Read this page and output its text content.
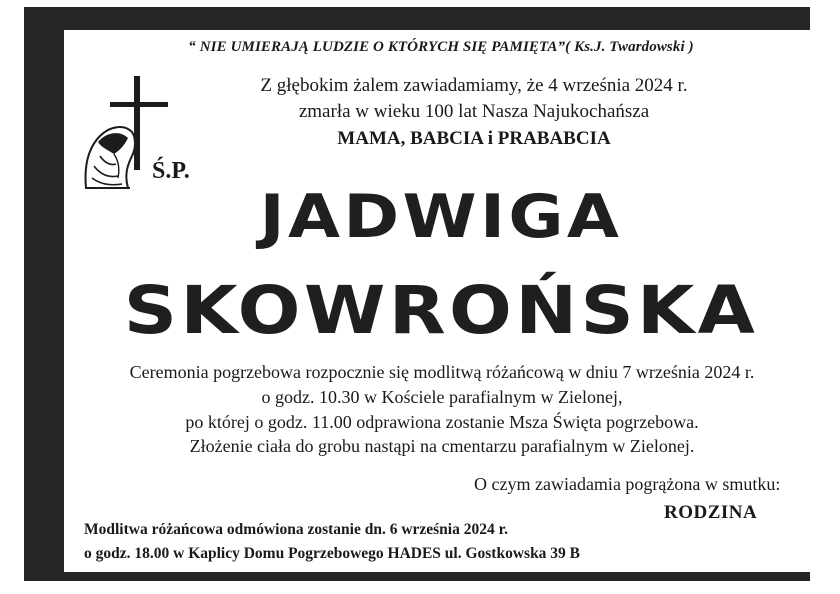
“ NIE UMIERAJĄ LUDZIE O KTÓRYCH SIĘ PAMIĘTA”( Ks.J. Twardowski )
Ś.P.
Z głębokim żalem zawiadamiamy, że 4 września 2024 r.
zmarła w wieku 100 lat Nasza Najukochańsza
MAMA, BABCIA i PRABABCIA
JADWIGA
SKOWROŃSKA
Ceremonia pogrzebowa rozpocznie się modlitwą różańcową w dniu 7 września 2024 r.
o godz. 10.30 w Kościele parafialnym w Zielonej,
po której o godz. 11.00 odprawiona zostanie Msza Święta pogrzebowa.
Złożenie ciała do grobu nastąpi na cmentarzu parafialnym w Zielonej.
O czym zawiadamia pogrążona w smutku:
RODZINA
Modlitwa różańcowa odmówiona zostanie dn. 6 września 2024 r.
o godz. 18.00 w Kaplicy Domu Pogrzebowego HADES ul. Gostkowska 39 B
